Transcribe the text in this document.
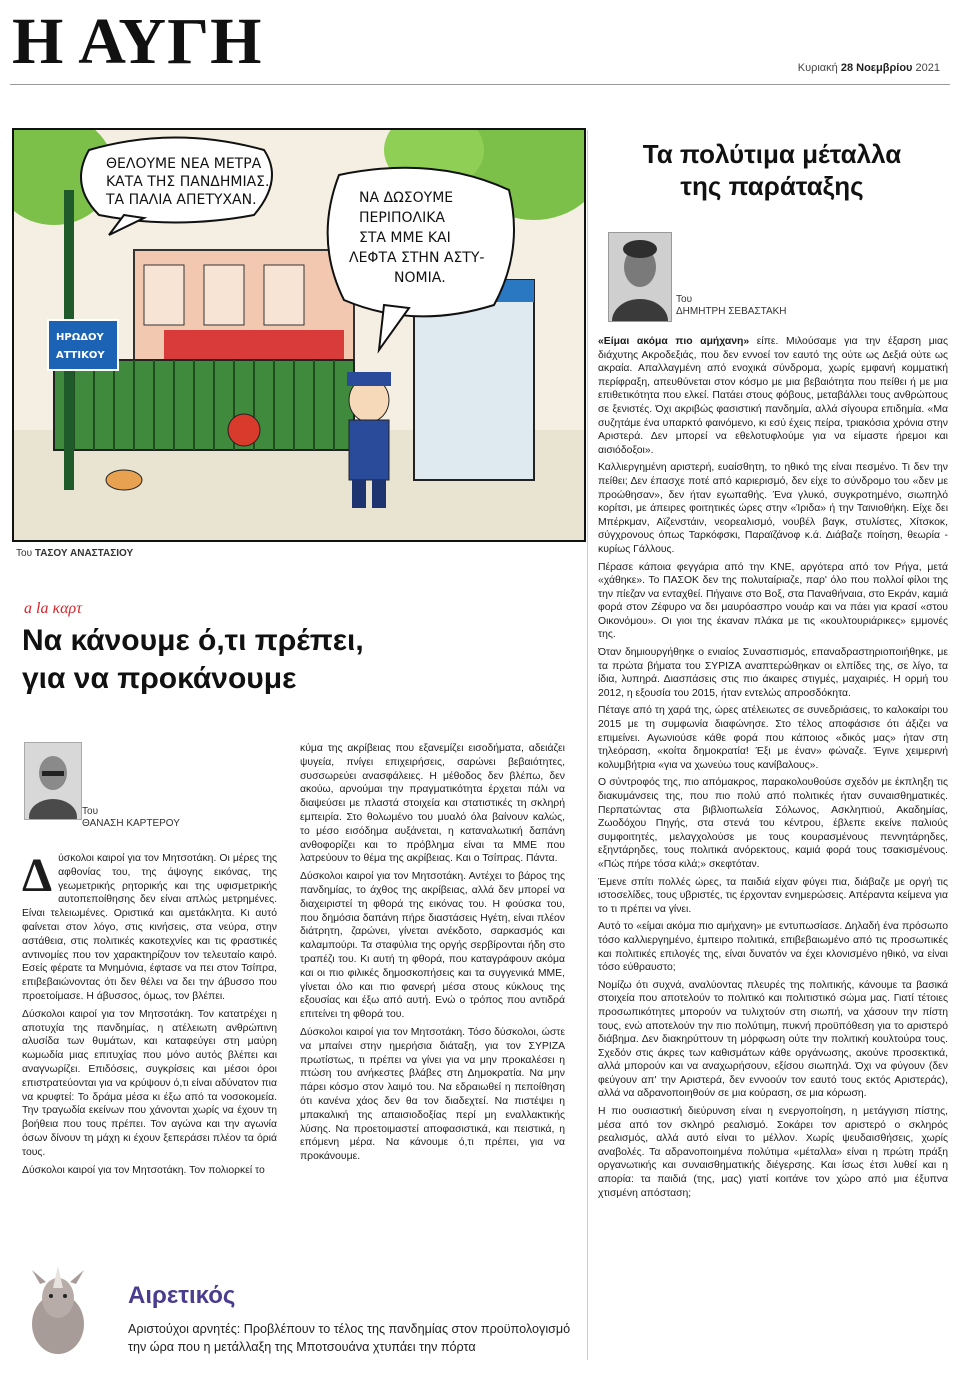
Η ΑΥΓΗ	Κυριακή 28 Νοεμβρίου 2021
ΘΕΛΟΥΜΕ ΝΕΑ ΜΕΤΡΑ
ΚΑΤΑ ΤΗΣ ΠΑΝΔΗΜΙΑΣ.
ΤΑ ΠΑΛΙΑ ΑΠΕΤΥΧΑΝ.	ΝΑ ΔΩΣΟΥΜΕ
ΠΕΡΙΠΟΛΙΚΑ
ΣΤΑ ΜΜΕ ΚΑΙ
ΛΕΦΤΑ ΣΤΗΝ ΑΣΤΥ-
ΝΟΜΙΑ.
ΗΡΩΔΟΥ
ΑΤΤΙΚΟΥ
Του ΤΑΣΟΥ ΑΝΑΣΤΑΣΙΟΥ
a la καρτ
Να κάνουμε ό,τι πρέπει,
για να προκάνουμε
Του
ΘΑΝΑΣΗ ΚΑΡΤΕΡΟΥ

Δύσκολοι καιροί για τον Μητσοτάκη. Οι μέρες της αφθονίας του, της άψογης εικόνας, της γεωμετρικής ρητορικής και της υφισμετρικής αυτοπεποίθησης δεν είναι απλώς μετρημένες. Είναι τελειωμένες. Οριστικά και αμετάκλητα. Κι αυτό φαίνεται στον λόγο, στις κινήσεις, στα νεύρα, στην αστάθεια, στις πολιτικές κακοτεχνίες και τις φραστικές αντινομίες που τον χαρακτηρίζουν τον τελευταίο καιρό. Εσείς φέρατε τα Μνημόνια, έφτασε να πει στον Τσίπρα, επιβεβαιώνοντας ότι δεν θέλει να δει την άβυσσο που προετοίμασε. Η άβυσσος, όμως, τον βλέπει.

Δύσκολοι καιροί για τον Μητσοτάκη. Τον κατατρέχει η αποτυχία της πανδημίας, η ατέλειωτη ανθρώπινη αλυσίδα των θυμάτων, και καταφεύγει στη μαύρη κωμωδία μιας επιτυχίας που μόνο αυτός βλέπει και αναγνωρίζει. Επιδόσεις, συγκρίσεις και μέσοι όροι επιστρατεύονται για να κρύψουν ό,τι είναι αδύνατον πια να κρυφτεί: Το δράμα μέσα κι έξω από τα νοσοκομεία. Την τραγωδία εκείνων που χάνονται χωρίς να έχουν τη βοήθεια που τους πρέπει. Τον αγώνα και την αγωνία όσων δίνουν τη μάχη κι έχουν ξεπεράσει πλέον τα όριά τους.

Δύσκολοι καιροί για τον Μητσοτάκη. Τον πολιορκεί το

κύμα της ακρίβειας που εξανεμίζει εισοδήματα, αδειάζει ψυγεία, πνίγει επιχειρήσεις, σαρώνει βεβαιότητες, συσσωρεύει ανασφάλειες. Η μέθοδος δεν βλέπω, δεν ακούω, αρνούμαι την πραγματικότητα έρχεται πάλι να διαψεύσει με πλαστά στοιχεία και στατιστικές τη σκληρή εμπειρία. Στο θολωμένο του μυαλό όλα βαίνουν καλώς, το μέσο εισόδημα αυξάνεται, η καταναλωτική δαπάνη ανθοφορίζει και το πρόβλημα είναι τα ΜΜΕ που λατρεύουν το θέμα της ακρίβειας. Και ο Τσίπρας. Πάντα.

Δύσκολοι καιροί για τον Μητσοτάκη. Αντέχει το βάρος της πανδημίας, το άχθος της ακρίβειας, αλλά δεν μπορεί να διαχειριστεί τη φθορά της εικόνας του. Η φούσκα του, που δημόσια δαπάνη πήρε διαστάσεις Ηγέτη, είναι πλέον διάτρητη, ζαρώνει, γίνεται ανέκδοτο, σαρκασμός και καλαμπούρι. Τα σταφύλια της οργής σερβίρονται ήδη στο τραπέζι του. Κι αυτή τη φθορά, που καταγράφουν ακόμα και οι πιο φιλικές δημοσκοπήσεις και τα συγγενικά ΜΜΕ, γίνεται όλο και πιο φανερή μέσα στους κύκλους της εξουσίας και έξω από αυτή. Ενώ ο τρόπος που αντιδρά επιτείνει τη φθορά του.

Δύσκολοι καιροί για τον Μητσοτάκη. Τόσο δύσκολοι, ώστε να μπαίνει στην ημερήσια διάταξη, για τον ΣΥΡΙΖΑ πρωτίστως, τι πρέπει να γίνει για να μην προκαλέσει η πτώση του ανήκεστες βλάβες στη Δημοκρατία. Να μην πάρει κόσμο στον λαιμό του. Να εδραιωθεί η πεποίθηση ότι κανένα χάος δεν θα τον διαδεχτεί. Να πιστέψει η μπακαλική της απαισιοδοξίας περί μη εναλλακτικής λύσης. Να προετοιμαστεί αποφασιστικά, και πειστικά, η επόμενη μέρα. Να κάνουμε ό,τι πρέπει, για να προκάνουμε.

Τα πολύτιμα μέταλλα
της παράταξης
Του
ΔΗΜΗΤΡΗ ΣΕΒΑΣΤΑΚΗ

«Είμαι ακόμα πιο αμήχανη» είπε. Μιλούσαμε για την έξαρση μιας διάχυτης Ακροδεξιάς, που δεν εννοεί τον εαυτό της ούτε ως Δεξιά ούτε ως ακραία. Απαλλαγμένη από ενοχικά σύνδρομα, χωρίς εμφανή κομματική περίφραξη, απευθύνεται στον κόσμο με μια βεβαιότητα που πείθει ή με μια επιθετικότητα που ελκεί. Πατάει στους φόβους, μεταβάλλει τους ανθρώπους σε ξενιστές. Όχι ακριβώς φασιστική πανδημία, αλλά σίγουρα επιδημία. «Μα συζητάμε ένα υπαρκτό φαινόμενο, κι εσύ έχεις πείρα, τριακόσια χρόνια στην Αριστερά. Δεν μπορεί να εθελοτυφλούμε για να είμαστε ήρεμοι και αισιόδοξοι».

Καλλιεργημένη αριστερή, ευαίσθητη, το ηθικό της είναι πεσμένο. Τι δεν την πείθει; Δεν έπασχε ποτέ από καριερισμό, δεν είχε το σύνδρομο του «δεν με προώθησαν», δεν ήταν εγωπαθής. Ένα γλυκό, συγκροτημένο, σιωπηλό κορίτσι, με άπειρες φοιτητικές ώρες στην «Ίριδα» ή την Ταινιοθήκη. Είχε δει Μπέρκμαν, Αϊζενστάιν, νεορεαλισμό, νουβέλ βαγκ, στυλίστες, Χίτσκοκ, σύγχρονους όπως Ταρκόφσκι, Παραϊζάνοφ κ.ά. Διάβαζε ποίηση, θεωρία - κυρίως Γάλλους.

Πέρασε κάποια φεγγάρια από την ΚΝΕ, αργότερα από τον Ρήγα, μετά «χάθηκε». Το ΠΑΣΟΚ δεν της πολυταίριαζε, παρ' όλο που πολλοί φίλοι της την πίεζαν να ενταχθεί. Πήγαινε στο Βοξ, στα Παναθήναια, στο Εκράν, καμιά φορά στον Ζέφυρο να δει μαυρόασπρο νουάρ και να πάει για κρασί «στου Οικονόμου». Οι γιοι της έκαναν πλάκα με τις «κουλτουριάρικες» εμμονές της.

Όταν δημιουργήθηκε ο ενιαίος Συνασπισμός, επαναδραστηριοποιήθηκε, με τα πρώτα βήματα του ΣΥΡΙΖΑ αναπτερώθηκαν οι ελπίδες της, σε λίγο, τα ίδια, λυπηρά. Διασπάσεις στις πιο άκαιρες στιγμές, μαχαιριές. Η ορμή του 2012, η εξουσία του 2015, ήταν εντελώς απροσδόκητα.

Πέταγε από τη χαρά της, ώρες ατέλειωτες σε συνεδριάσεις, το καλοκαίρι του 2015 με τη συμφωνία διαφώνησε. Στο τέλος αποφάσισε ότι άξιζει να επιμείνει. Αγωνιούσε κάθε φορά που κάποιος «δικός μας» ήταν στη τηλεόραση, «κοίτα δημοκρατία! Έξι με έναν» φώναζε. Έγινε χειμερινή κολυμβήτρια «για να χωνεύω τους κανίβαλους».

Ο σύντροφός της, πιο απόμακρος, παρακολουθούσε σχεδόν με έκπληξη τις διακυμάνσεις της, που πιο πολύ από πολιτικές ήταν συναισθηματικές. Περπατώντας στα βιβλιοπωλεία Σόλωνος, Ασκληπιού, Ακαδημίας, Ζωοδόχου Πηγής, στα στενά του κέντρου, έβλεπε εκείνε παλιούς συμφοιτητές, μελαγχολούσε με τους κουρασμένους πεννητάρηδες, εξηντάρηδες, τους πολιτικά ανόρεκτους, καμιά φορά τους τσακισμένους. «Πώς πήρε τόσα κιλά;» σκεφτόταν.

Έμενε σπίτι πολλές ώρες, τα παιδιά είχαν φύγει πια, διάβαζε με οργή τις ιστοσελίδες, τους υβριστές, τις έρχονταν ενημερώσεις. Απέραντα κείμενα για το τι πρέπει να γίνει.

Αυτό το «είμαι ακόμα πιο αμήχανη» με εντυπωσίασε. Δηλαδή ένα πρόσωπο τόσο καλλιεργημένο, έμπειρο πολιτικά, επιβεβαιωμένο από τις προσωπικές και πολιτικές επιλογές της, είναι δυνατόν να έχει κλονισμένο ηθικό, να είναι τόσο εύθραυστο;

Νομίζω ότι συχνά, αναλύοντας πλευρές της πολιτικής, κάνουμε τα βασικά στοιχεία που αποτελούν το πολιτικό και πολιτιστικό σώμα μας. Γιατί τέτοιες προσωπικότητες μπορούν να τυλιχτούν στη σιωπή, να χάσουν την πίστη τους, ενώ αποτελούν την πιο πολύτιμη, πυκνή προϋπόθεση για το αριστερό διάβημα. Δεν διακηρύττουν τη μόρφωση ούτε την πολιτική κουλτούρα τους. Σχεδόν στις άκρες των καθισμάτων κάθε οργάνωσης, ακούνε προσεκτικά, αλλά μπορούν και να αναχωρήσουν, εξίσου σιωπηλά. Όχι να φύγουν (δεν φεύγουν απ' την Αριστερά, δεν εννοούν τον εαυτό τους εκτός Αριστεράς), αλλά να αδρανοποιηθούν σε μια κούραση, σε μια κόρωση.

Η πιο ουσιαστική διεύρυνση είναι η ενεργοποίηση, η μετάγγιση πίστης, μέσα από τον σκληρό ρεαλισμό. Σοκάρει τον αριστερό ο σκληρός ρεαλισμός, αλλά αυτό είναι το μέλλον. Χωρίς ψευδαισθήσεις, χωρίς αναβολές. Τα αδρανοποιημένα πολύτιμα «μέταλλα» είναι η πρώτη πράξη οργανωτικής και συναισθηματικής διέγερσης. Και ίσως έτσι λυθεί και η απορία: τα παιδιά (της, μας) γιατί κοιτάνε τον χώρο από μια έξυπνα χτισμένη απόσταση;

Αιρετικός
Αριστούχοι αρνητές: Προβλέπουν το τέλος της πανδημίας στον προϋπολογισμό την ώρα που η μετάλλαξη της Μποτσουάνα χτυπάει την πόρτα
